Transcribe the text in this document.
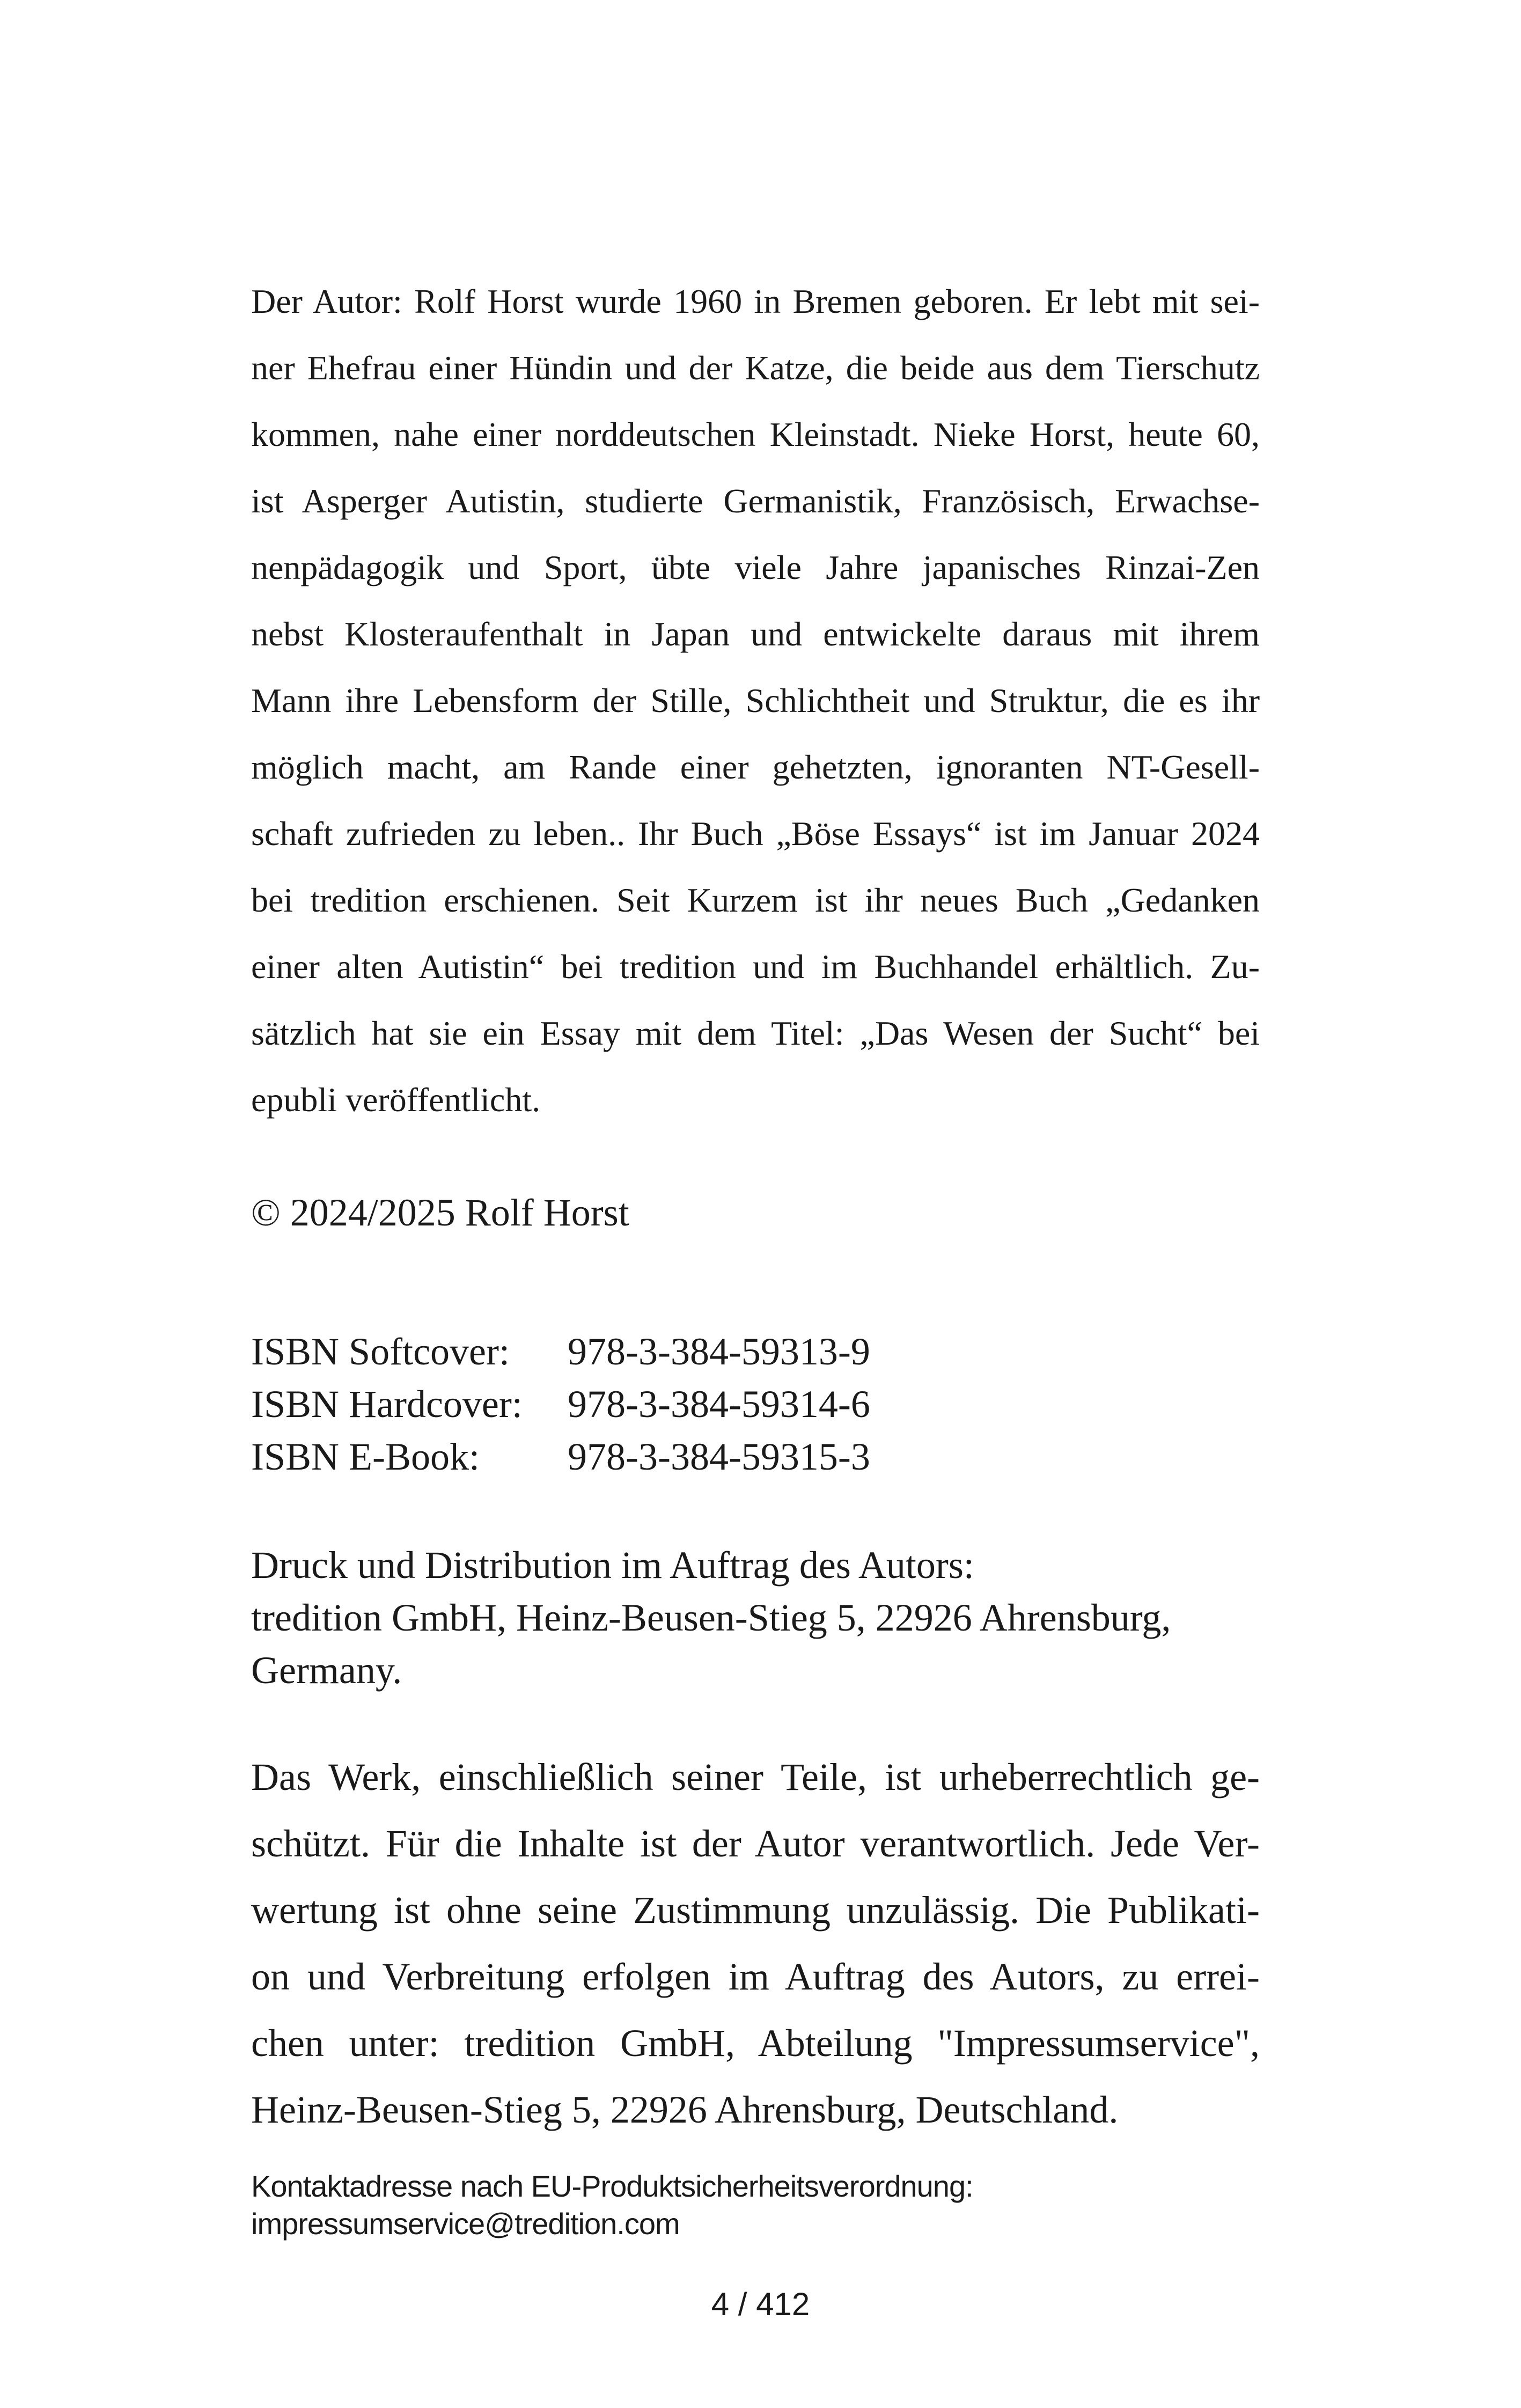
Der Autor: Rolf Horst wurde 1960 in Bremen geboren. Er lebt mit sei-
ner Ehefrau einer Hündin und der Katze, die beide aus dem Tierschutz
kommen, nahe einer norddeutschen Kleinstadt. Nieke Horst, heute 60,
ist Asperger Autistin, studierte Germanistik, Französisch, Erwachse-
nenpädagogik und Sport, übte viele Jahre japanisches Rinzai-Zen
nebst Klosteraufenthalt in Japan und entwickelte daraus mit ihrem
Mann ihre Lebensform der Stille, Schlichtheit und Struktur, die es ihr
möglich macht, am Rande einer gehetzten, ignoranten NT-Gesell-
schaft zufrieden zu leben.. Ihr Buch „Böse Essays“ ist im Januar 2024
bei tredition erschienen. Seit Kurzem ist ihr neues Buch „Gedanken
einer alten Autistin“ bei tredition und im Buchhandel erhältlich. Zu-
sätzlich hat sie ein Essay mit dem Titel: „Das Wesen der Sucht“ bei
epubli veröffentlicht.
© 2024/2025 Rolf Horst
ISBN Softcover:	978-3-384-59313-9
ISBN Hardcover:	978-3-384-59314-6
ISBN E-Book:	978-3-384-59315-3
Druck und Distribution im Auftrag des Autors:
tredition GmbH, Heinz-Beusen-Stieg 5, 22926 Ahrensburg,
Germany.
Das Werk, einschließlich seiner Teile, ist urheberrechtlich ge-
schützt. Für die Inhalte ist der Autor verantwortlich. Jede Ver-
wertung ist ohne seine Zustimmung unzulässig. Die Publikati-
on und Verbreitung erfolgen im Auftrag des Autors, zu errei-
chen unter: tredition GmbH, Abteilung "Impressumservice",
Heinz-Beusen-Stieg 5, 22926 Ahrensburg, Deutschland.
Kontaktadresse nach EU-Produktsicherheitsverordnung:
impressumservice@tredition.com
4 / 412
